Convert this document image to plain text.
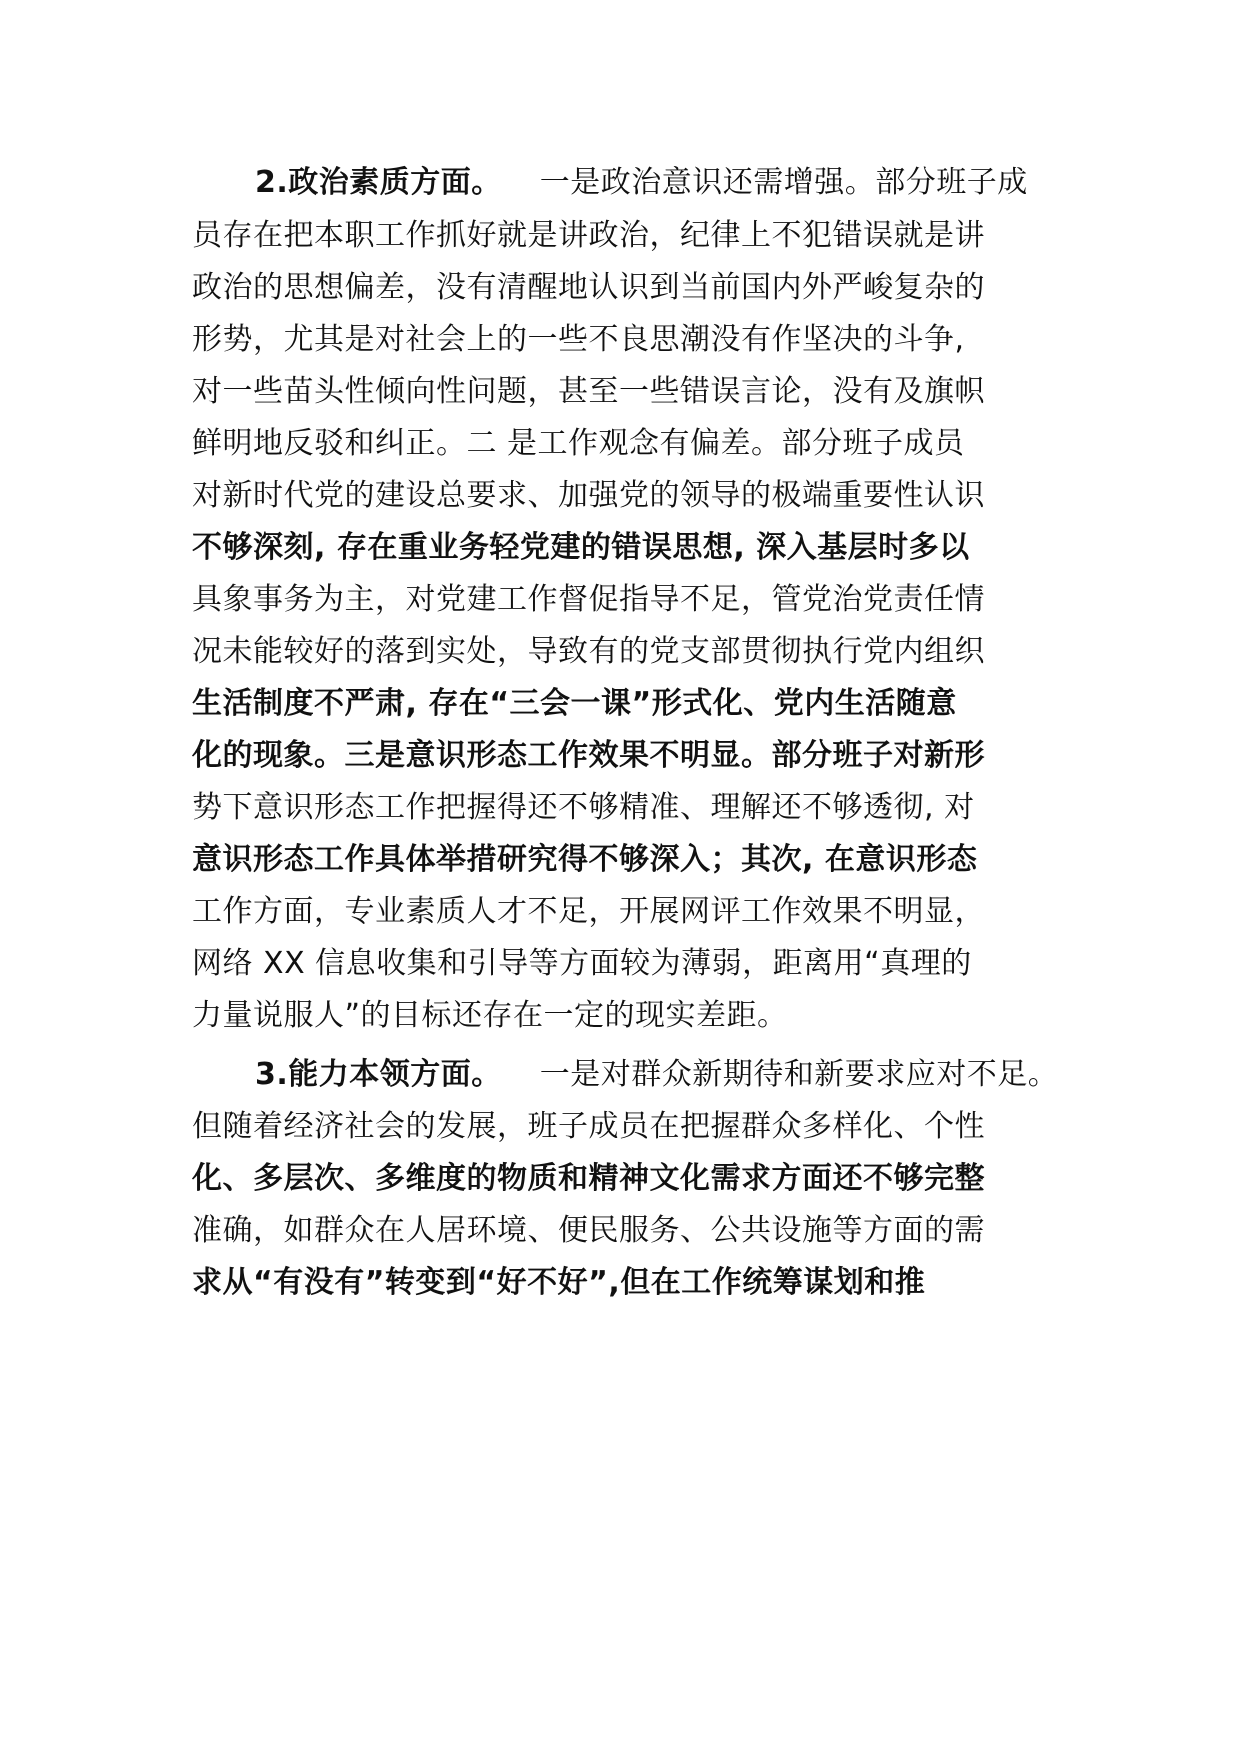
2.政治素质方面。 一是政治意识还需增强。部分班子成
员存在把本职工作抓好就是讲政治，纪律上不犯错误就是讲
政治的思想偏差，没有清醒地认识到当前国内外严峻复杂的
形势，尤其是对社会上的一些不良思潮没有作坚决的斗争,
对一些苗头性倾向性问题，甚至一些错误言论，没有及旗帜
鲜明地反驳和纠正。二 是工作观念有偏差。部分班子成员
对新时代党的建设总要求、加强党的领导的极端重要性认识
不够深刻, 存在重业务轻党建的错误思想, 深入基层时多以
具象事务为主，对党建工作督促指导不足，管党治党责任情
况未能较好的落到实处，导致有的党支部贯彻执行党内组织
生活制度不严肃, 存在“三会一课”形式化、党内生活随意
化的现象。三是意识形态工作效果不明显。部分班子对新形
势下意识形态工作把握得还不够精准、理解还不够透彻, 对
意识形态工作具体举措研究得不够深入；其次, 在意识形态
工作方面，专业素质人才不足，开展网评工作效果不明显，
网络 XX 信息收集和引导等方面较为薄弱，距离用“真理的
力量说服人”的目标还存在一定的现实差距。
3.能力本领方面。 一是对群众新期待和新要求应对不足。
但随着经济社会的发展，班子成员在把握群众多样化、个性
化、多层次、多维度的物质和精神文化需求方面还不够完整
准确，如群众在人居环境、便民服务、公共设施等方面的需
求从“有没有”转变到“好不好”,但在工作统筹谋划和推
